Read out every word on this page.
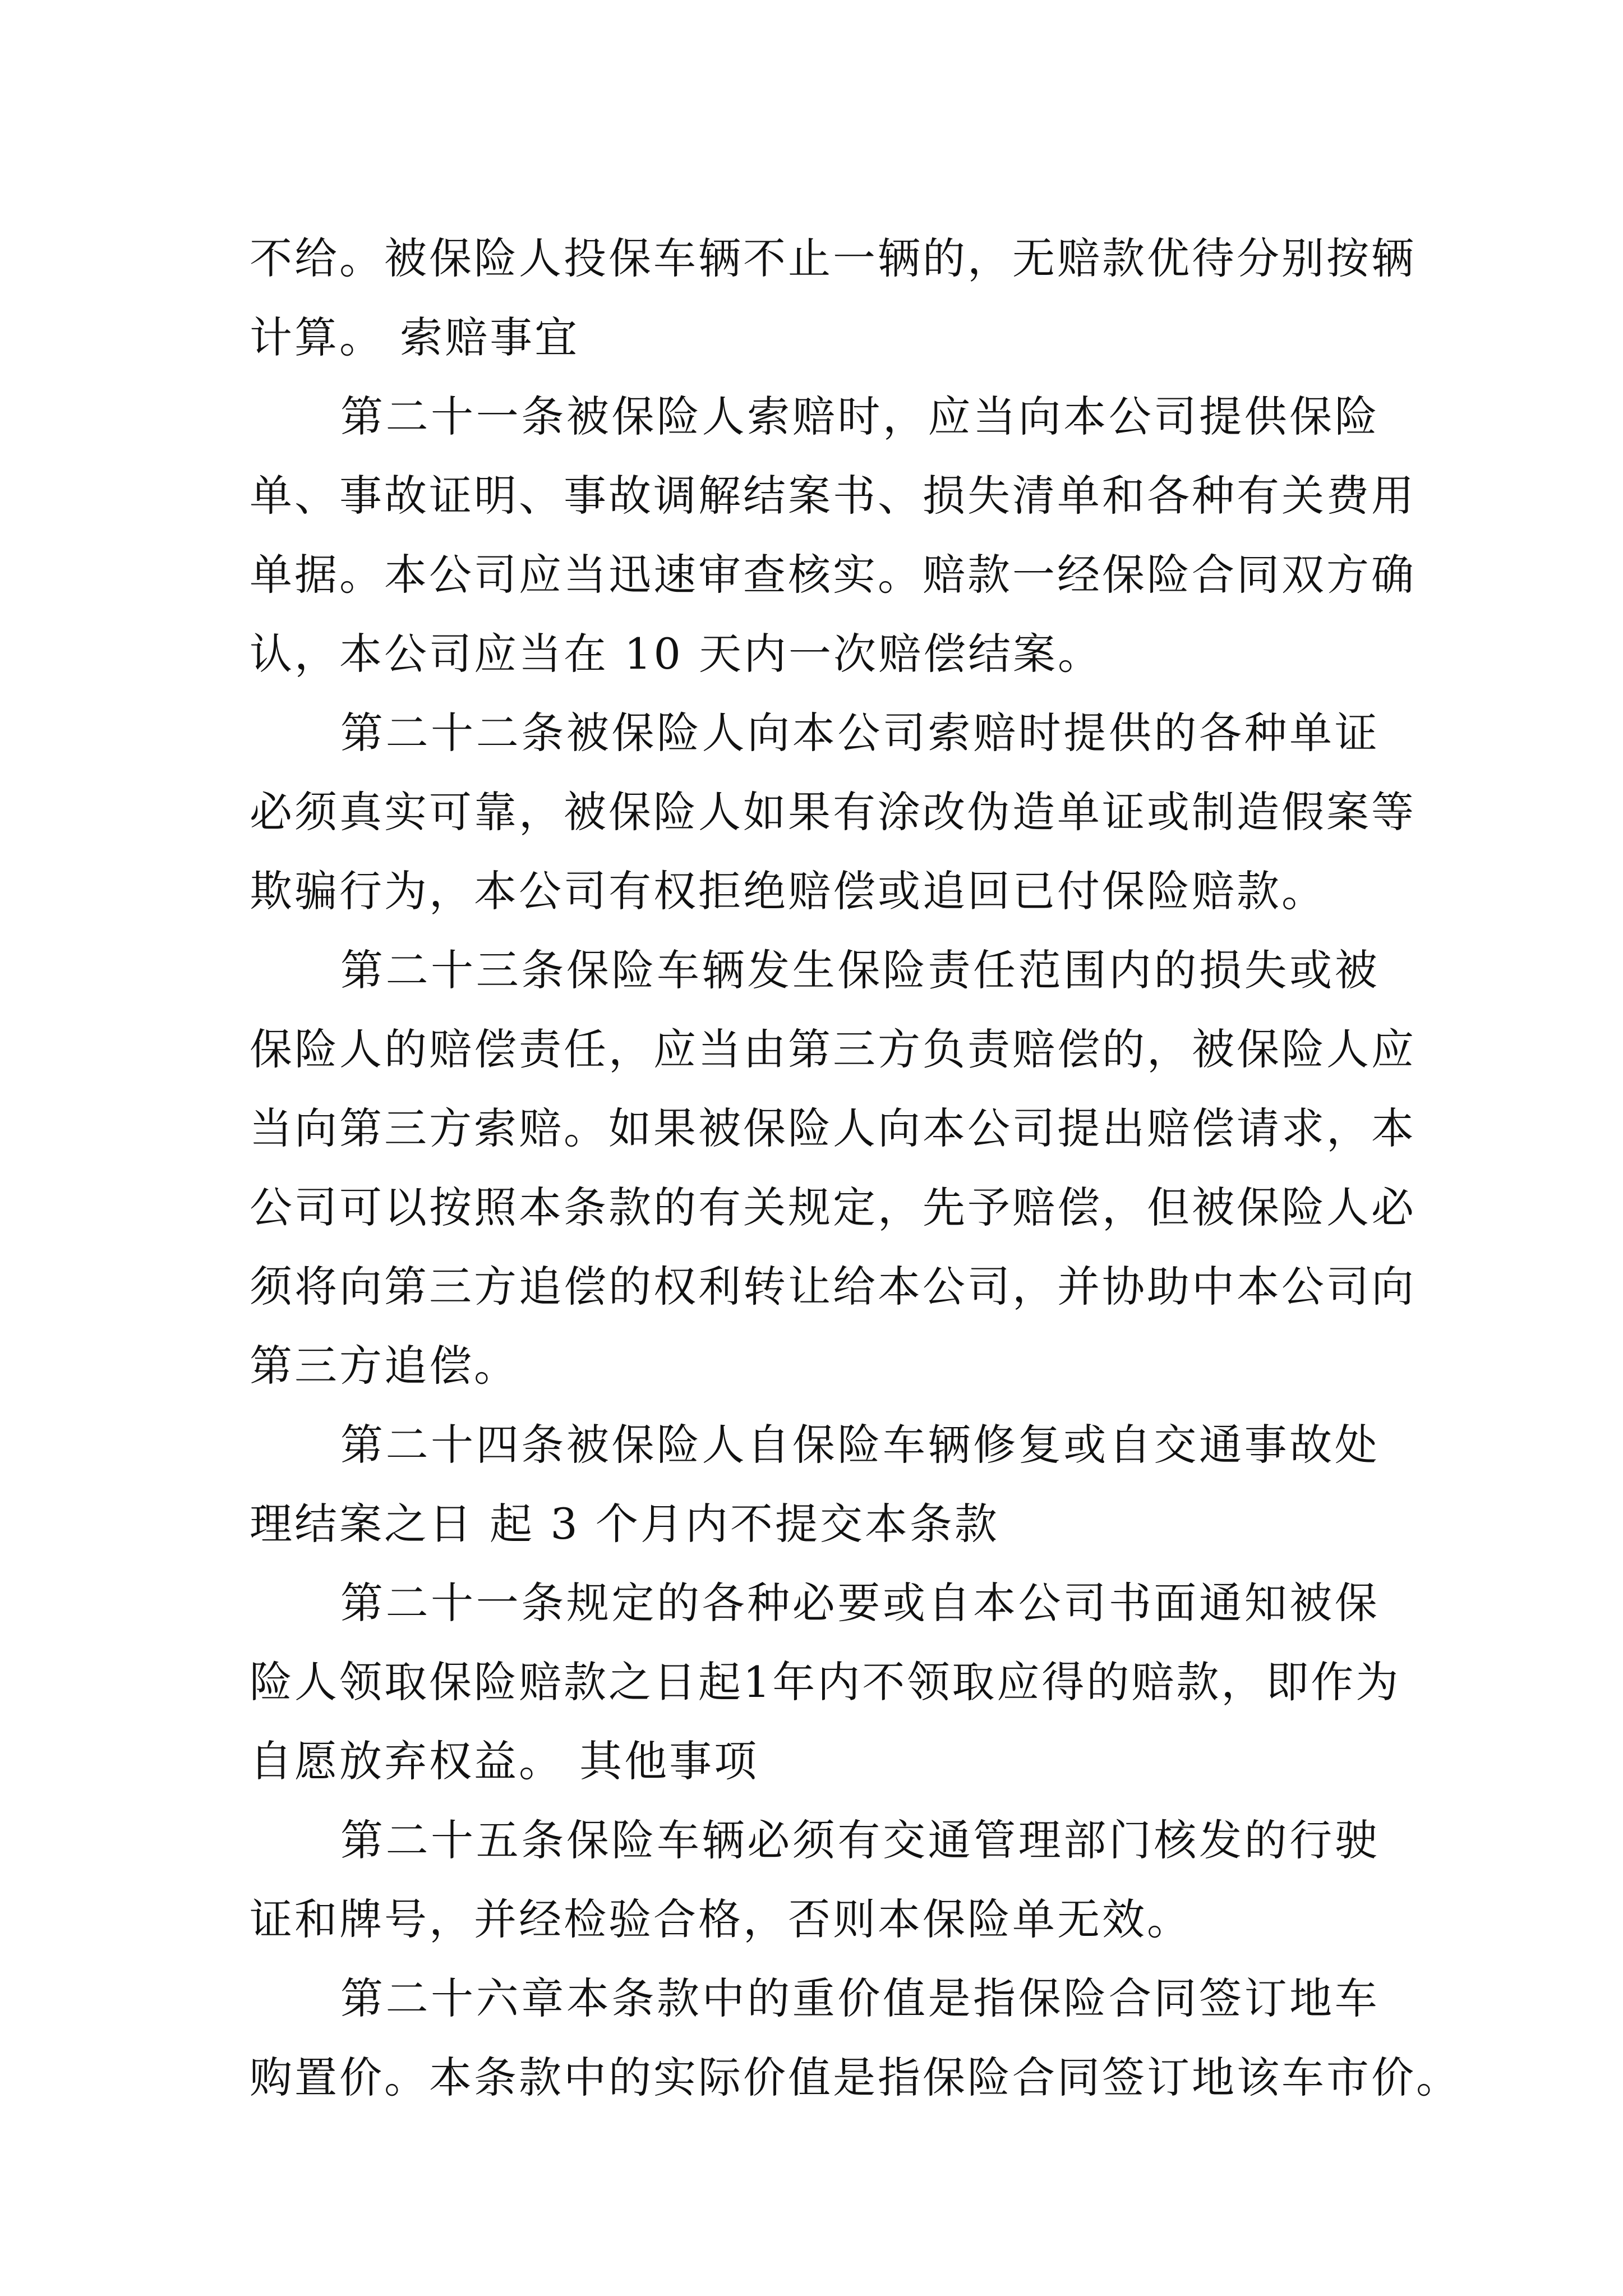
不 给 。 被 保 险 人 投 保 车 辆 不 止 一 辆 的 ， 无 赔 款 优 待 分 别 按 辆
计算。 索赔事宜
第 二 十 一 条 被 保 险 人 索 赔 时 ， 应 当 向 本 公 司 提 供 保 险
单 、 事 故 证 明 、 事 故 调 解 结 案 书 、 损 失 清 单 和 各 种 有 关 费 用
单 据 。 本 公 司 应 当 迅 速 审 查 核 实 。 赔 款 一 经 保 险 合 同 双 方 确
认，本公司应当在 10 天内一次赔偿结案。
第 二 十 二 条 被 保 险 人 向 本 公 司 索 赔 时 提 供 的 各 种 单 证
必 须 真 实 可 靠 ， 被 保 险 人 如 果 有 涂 改 伪 造 单 证 或 制 造 假 案 等
欺骗行为，本公司有权拒绝赔偿或追回已付保险赔款。
第 二 十 三 条 保 险 车 辆 发 生 保 险 责 任 范 围 内 的 损 失 或 被
保 险 人 的 赔 偿 责 任 ， 应 当 由 第 三 方 负 责 赔 偿 的 ， 被 保 险 人 应
当 向 第 三 方 索 赔 。 如 果 被 保 险 人 向 本 公 司 提 出 赔 偿 请 求 ， 本
公 司 可 以 按 照 本 条 款 的 有 关 规 定 ， 先 予 赔 偿 ， 但 被 保 险 人 必
须 将 向 第 三 方 追 偿 的 权 利 转 让 给 本 公 司 ， 并 协 助 中 本 公 司 向
第三方追偿。
第 二 十 四 条 被 保 险 人 自 保 险 车 辆 修 复 或 自 交 通 事 故 处
理结案之日 起 3 个月内不提交本条款
第 二 十 一 条 规 定 的 各 种 必 要 或 自 本 公 司 书 面 通 知 被 保
险 人 领 取 保 险 赔 款 之 日 起 1 年 内 不 领 取 应 得 的 赔 款 ， 即 作 为
自愿放弃权益。 其他事项
第 二 十 五 条 保 险 车 辆 必 须 有 交 通 管 理 部 门 核 发 的 行 驶
证和牌号，并经检验合格，否则本保险单无效。
第 二 十 六 章 本 条 款 中 的 重 价 值 是 指 保 险 合 同 签 订 地 车
购 置 价 。 本 条 款 中 的 实 际 价 值 是 指 保 险 合 同 签 订 地 该 车 市 价 。
